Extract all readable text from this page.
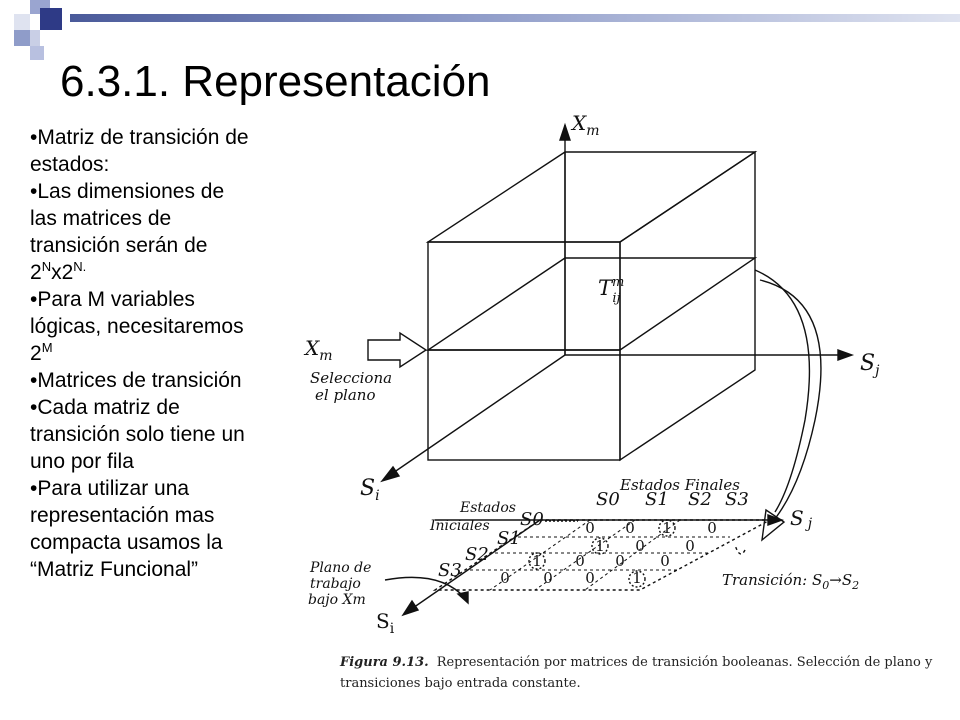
6.3.1. Representación

•Matriz de transición de estados:

•Las dimensiones de las matrices de transición serán de $2^Nx2^{N.}$

•Para M variables lógicas, necesitaremos $2^M$

•Matrices de transición

•Cada matriz de transición solo tiene un uno por fila

•Para utilizar una representación mas compacta usamos la “Matriz Funcional”

0 0 1 0
1 0	0
1 0 0 0
0 0 0 1
$X_m$
$S_j$
$S_i$
$T^m$ ij
$X_m$
Selecciona
el plano
Estados Finales
Estados
Iniciales
Plano de
trabajo
bajo Xm
Transición: $S_0\to S_2$
S0 S1 S2 S3
S0
S1
S2
S3
S j
$S_i$
Figura 9.13. Representación por matrices de transición booleanas. Selección de plano y transiciones bajo entrada constante.
